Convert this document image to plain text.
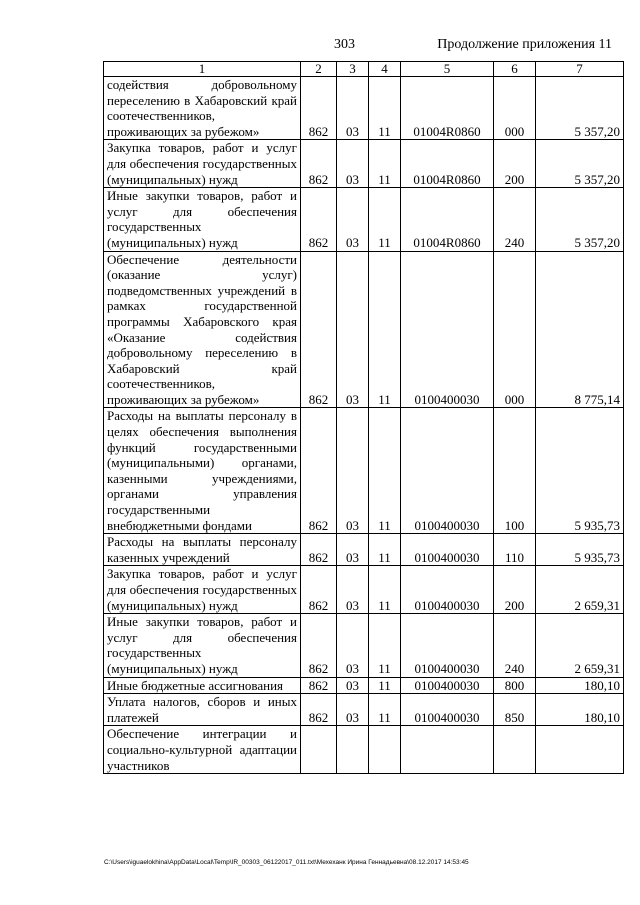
303	Продолжение приложения 11
1	2	3	4	5	6	7
содействия добровольному переселению в Хабаровский край соотечественников, проживающих за рубежом»	862	03	11	01004R0860	000	5 357,20
Закупка товаров, работ и услуг для обеспечения государственных (муниципальных) нужд	862	03	11	01004R0860	200	5 357,20
Иные закупки товаров, работ и услуг для обеспечения государственных (муниципальных) нужд	862	03	11	01004R0860	240	5 357,20
Обеспечение деятельности (оказание услуг) подведомственных учреждений в рамках государственной программы Хабаровского края «Оказание содействия добровольному переселению в Хабаровский край соотечественников, проживающих за рубежом»	862	03	11	0100400030	000	8 775,14
Расходы на выплаты персоналу в целях обеспечения выполнения функций государственными (муниципальными) органами, казенными учреждениями, органами управления государственными внебюджетными фондами	862	03	11	0100400030	100	5 935,73
Расходы на выплаты персоналу казенных учреждений	862	03	11	0100400030	110	5 935,73
Закупка товаров, работ и услуг для обеспечения государственных (муниципальных) нужд	862	03	11	0100400030	200	2 659,31
Иные закупки товаров, работ и услуг для обеспечения государственных (муниципальных) нужд	862	03	11	0100400030	240	2 659,31
Иные бюджетные ассигнования	862	03	11	0100400030	800	180,10
Уплата налогов, сборов и иных платежей	862	03	11	0100400030	850	180,10
Обеспечение интеграции и социально-культурной адаптации участников						
C:\Users\iguaelokhina\AppData\Local\Temp\IR_00303_06122017_011.txt\Мехеханк Ирина Геннадьевна\08.12.2017 14:53:45
